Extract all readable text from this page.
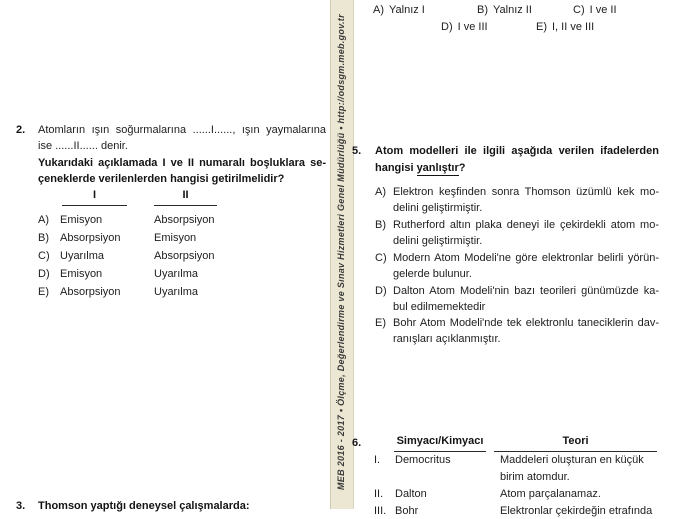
2. Atomların ışın soğurmalarına ......I......, ışın yaymalarına
ise ......II...... denir.
Yukarıdaki açıklamada I ve II numaralı boşluklara se-
çeneklerde verilenlerden hangisi getirilmelidir?
I	II
A) Emisyon	Absorpsiyon
B) Absorpsiyon	Emisyon
C) Uyarılma	Absorpsiyon
D) Emisyon	Uyarılma
E) Absorpsiyon	Uyarılma
3. Thomson yaptığı deneysel çalışmalarda:
MEB 2016 - 2017 • Ölçme, Değerlendirme ve Sınav Hizmetleri Genel Müdürlüğü • http://odsgm.meb.gov.tr
A) Yalnız I	B) Yalnız II	C) I ve II
D) I ve III	E) I, II ve III
5. Atom modelleri ile ilgili aşağıda verilen ifadelerden
hangisi yanlıştır?
A) Elektron keşfinden sonra Thomson üzümlü kek mo-
delini geliştirmiştir.
B) Rutherford altın plaka deneyi ile çekirdekli atom mo-
delini geliştirmiştir.
C) Modern Atom Modeli'ne göre elektronlar belirli yörün-
gelerde bulunur.
D) Dalton Atom Modeli'nin bazı teorileri günümüzde ka-
bul edilmemektedir
E) Bohr Atom Modeli'nde tek elektronlu taneciklerin dav-
ranışları açıklanmıştır.
6.	Simyacı/Kimyacı	Teori
I. Democritus	Maddeleri oluşturan en küçük
birim atomdur.
II. Dalton	Atom parçalanamaz.
III. Bohr	Elektronlar çekirdeğin etrafında
